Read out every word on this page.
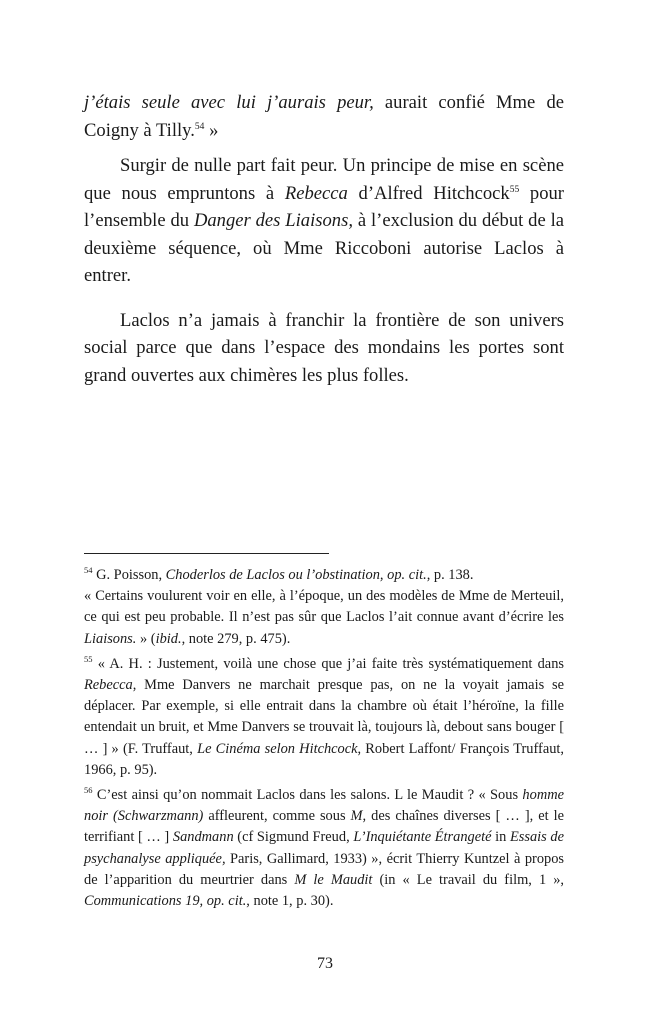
j’étais seule avec lui j’aurais peur, aurait confié Mme de Coigny à Tilly.$^{54}$ »

Surgir de nulle part fait peur. Un principe de mise en scène que nous empruntons à Rebecca d’Alfred Hitchcock$^{55}$ pour l’ensemble du Danger des Liaisons, à l’exclusion du début de la deuxième séquence, où Mme Riccoboni autorise Laclos à entrer.

Laclos n’a jamais à franchir la frontière de son univers social parce que dans l’espace des mondains les portes sont grand ouvertes aux chimères les plus folles.

$^{54}$ G. Poisson, Choderlos de Laclos ou l’obstination, op. cit., p. 138.
« Certains voulurent voir en elle, à l’époque, un des modèles de Mme de Merteuil, ce qui est peu probable. Il n’est pas sûr que Laclos l’ait connue avant d’écrire les Liaisons. » (ibid., note 279, p. 475).

$^{55}$ « A. H. : Justement, voilà une chose que j’ai faite très systématiquement dans Rebecca, Mme Danvers ne marchait presque pas, on ne la voyait jamais se déplacer. Par exemple, si elle entrait dans la chambre où était l’héroïne, la fille entendait un bruit, et Mme Danvers se trouvait là, toujours là, debout sans bouger [ … ] » (F. Truffaut, Le Cinéma selon Hitchcock, Robert Laffont/ François Truffaut, 1966, p. 95).

$^{56}$ C’est ainsi qu’on nommait Laclos dans les salons. L le Maudit ? « Sous homme noir (Schwarzmann) affleurent, comme sous M, des chaînes diverses [ … ], et le terrifiant [ … ] Sandmann (cf Sigmund Freud, L’Inquiétante Étrangeté in Essais de psychanalyse appliquée, Paris, Gallimard, 1933) », écrit Thierry Kuntzel à propos de l’apparition du meurtrier dans M le Maudit (in « Le travail du film, 1 », Communications 19, op. cit., note 1, p. 30).

73
